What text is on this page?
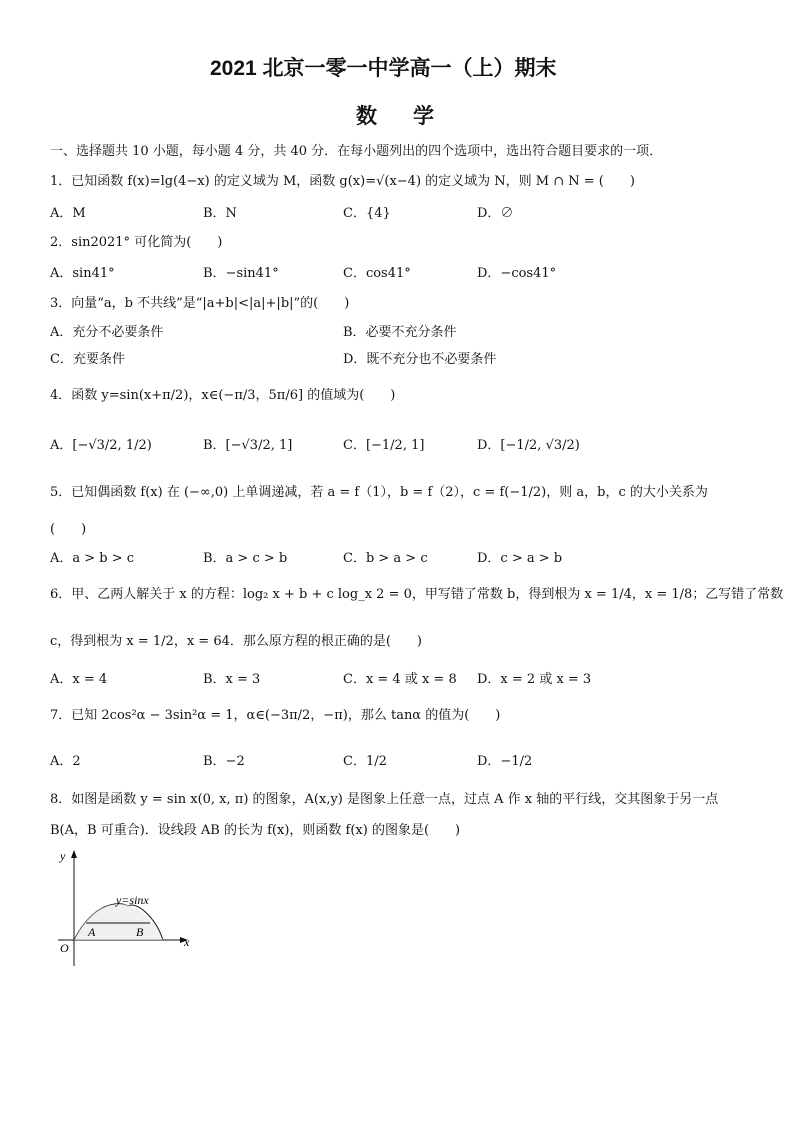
2021 北京一零一中学高一（上）期末
数学
一、选择题共 10 小题，每小题 4 分，共 40 分．在每小题列出的四个选项中，选出符合题目要求的一项．
1．已知函数 f(x)=lg(4−x) 的定义域为 M，函数 g(x)=√(x−4) 的定义域为 N，则 M ∩ N = (　　)
A．M	B．N	C．{4}	D．∅
2．sin2021° 可化简为(　　)
A．sin41°	B．−sin41°	C．cos41°	D．−cos41°
3．向量“a，b 不共线”是“|a+b|<|a|+|b|”的(　　)
A．充分不必要条件	B．必要不充分条件
C．充要条件	D．既不充分也不必要条件
4．函数 y=sin(x+π/2)，x∈(−π/3，5π/6] 的值域为(　　)
A．[−√3/2, 1/2)	B．[−√3/2, 1]	C．[−1/2, 1]	D．[−1/2, √3/2)
5．已知偶函数 f(x) 在 (−∞,0) 上单调递减，若 a = f（1），b = f（2），c = f(−1/2)，则 a，b，c 的大小关系为
(　　)
A．a > b > c	B．a > c > b	C．b > a > c	D．c > a > b
6．甲、乙两人解关于 x 的方程：log₂ x + b + c log_x 2 = 0，甲写错了常数 b，得到根为 x = 1/4，x = 1/8；乙写错了常数
c，得到根为 x = 1/2，x = 64．那么原方程的根正确的是(　　)
A．x = 4	B．x = 3	C．x = 4 或 x = 8 D．x = 2 或 x = 3
7．已知 2cos²α − 3sin²α = 1，α∈(−3π/2，−π)，那么 tanα 的值为(　　)
A．2	B．−2	C．1/2	D．−1/2
8．如图是函数 y = sin x(0, x, π) 的图象，A(x,y) 是图象上任意一点，过点 A 作 x 轴的平行线，交其图象于另一点
B(A，B 可重合)．设线段 AB 的长为 f(x)，则函数 f(x) 的图象是(　　)
y
x
O
A	B
y=sinx
